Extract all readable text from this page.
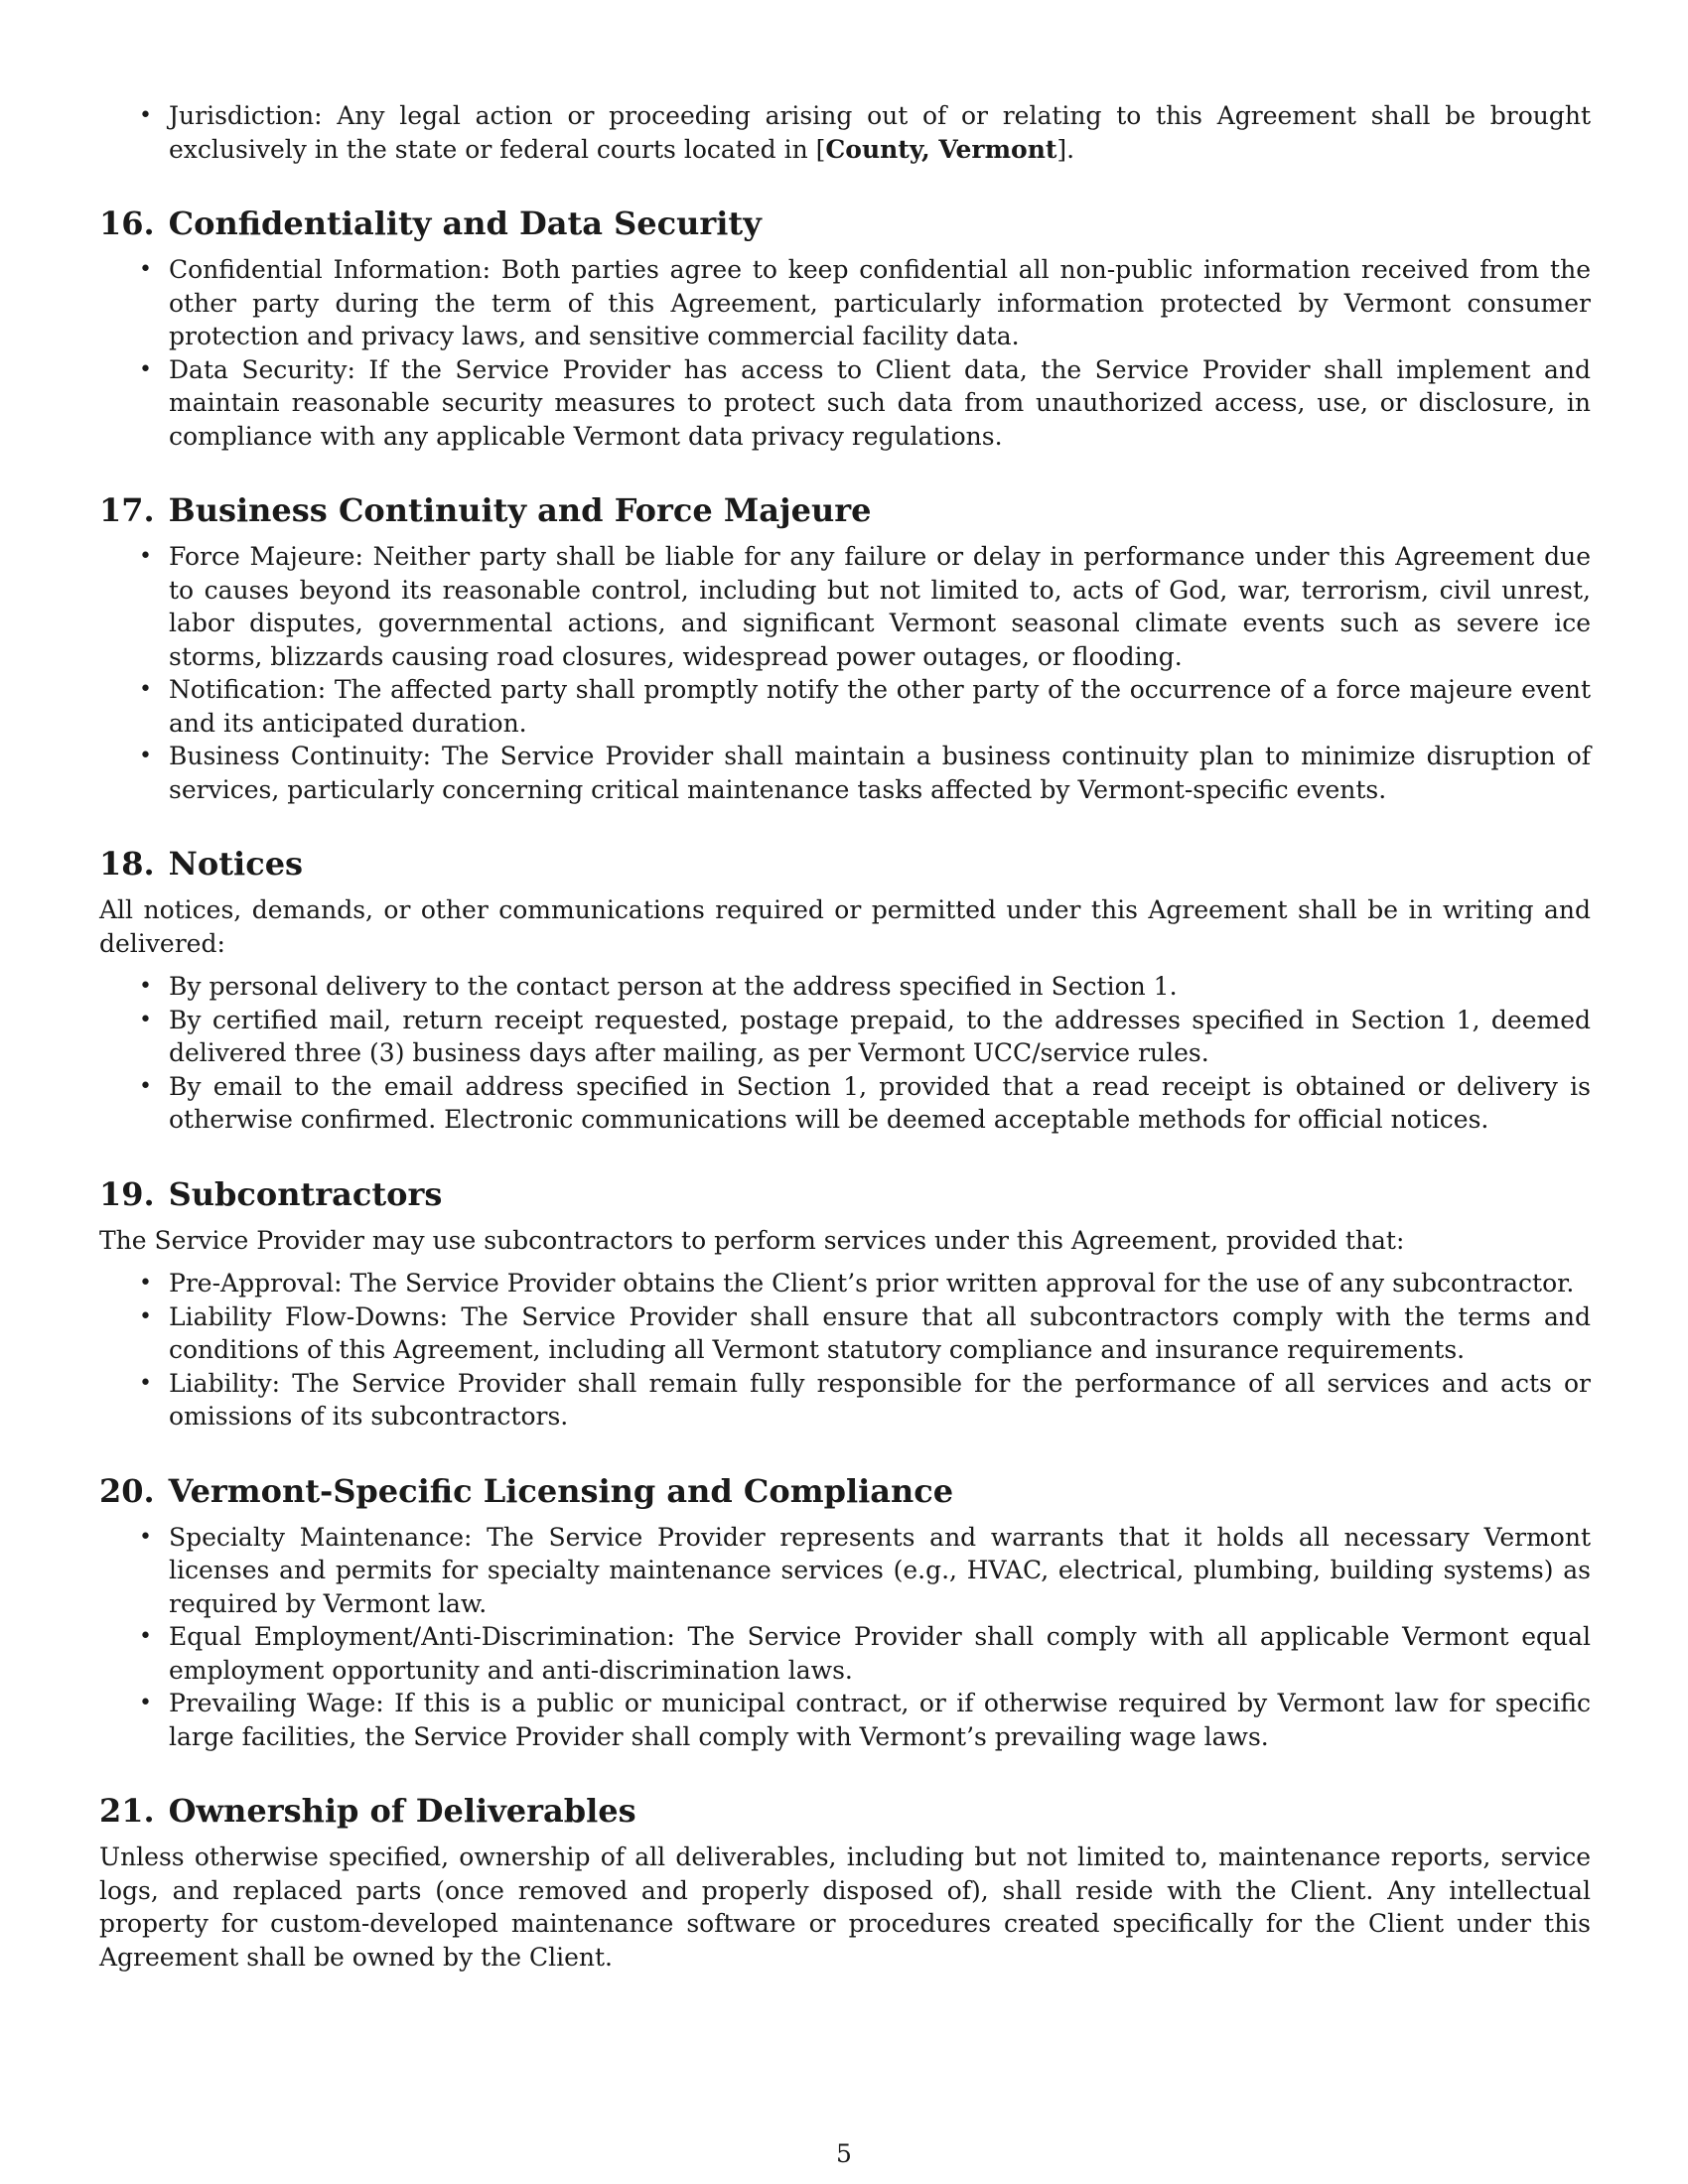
• Jurisdiction: Any legal action or proceeding arising out of or relating to this Agreement shall be brought exclusively in the state or federal courts located in [County, Vermont].
16. Confidentiality and Data Security
• Confidential Information: Both parties agree to keep confidential all non-public information received from the other party during the term of this Agreement, particularly information protected by Vermont consumer protection and privacy laws, and sensitive commercial facility data.
• Data Security: If the Service Provider has access to Client data, the Service Provider shall implement and maintain reasonable security measures to protect such data from unauthorized access, use, or disclosure, in compliance with any applicable Vermont data privacy regulations.
17. Business Continuity and Force Majeure
• Force Majeure: Neither party shall be liable for any failure or delay in performance under this Agreement due to causes beyond its reasonable control, including but not limited to, acts of God, war, terrorism, civil unrest, labor disputes, governmental actions, and significant Vermont seasonal climate events such as severe ice storms, blizzards causing road closures, widespread power outages, or flooding.
• Notification: The affected party shall promptly notify the other party of the occurrence of a force majeure event and its anticipated duration.
• Business Continuity: The Service Provider shall maintain a business continuity plan to minimize disruption of services, particularly concerning critical maintenance tasks affected by Vermont-specific events.
18. Notices

All notices, demands, or other communications required or permitted under this Agreement shall be in writing and delivered:

• By personal delivery to the contact person at the address specified in Section 1.
• By certified mail, return receipt requested, postage prepaid, to the addresses specified in Section 1, deemed delivered three (3) business days after mailing, as per Vermont UCC/service rules.
• By email to the email address specified in Section 1, provided that a read receipt is obtained or delivery is otherwise confirmed. Electronic communications will be deemed acceptable methods for official notices.
19. Subcontractors

The Service Provider may use subcontractors to perform services under this Agreement, provided that:

• Pre-Approval: The Service Provider obtains the Client’s prior written approval for the use of any subcontractor.
• Liability Flow-Downs: The Service Provider shall ensure that all subcontractors comply with the terms and conditions of this Agreement, including all Vermont statutory compliance and insurance requirements.
• Liability: The Service Provider shall remain fully responsible for the performance of all services and acts or omissions of its subcontractors.
20. Vermont-Specific Licensing and Compliance
• Specialty Maintenance: The Service Provider represents and warrants that it holds all necessary Vermont licenses and permits for specialty maintenance services (e.g., HVAC, electrical, plumbing, building systems) as required by Vermont law.
• Equal Employment/Anti-Discrimination: The Service Provider shall comply with all applicable Vermont equal employment opportunity and anti-discrimination laws.
• Prevailing Wage: If this is a public or municipal contract, or if otherwise required by Vermont law for specific large facilities, the Service Provider shall comply with Vermont’s prevailing wage laws.
21. Ownership of Deliverables

Unless otherwise specified, ownership of all deliverables, including but not limited to, maintenance reports, service logs, and replaced parts (once removed and properly disposed of), shall reside with the Client. Any intellectual property for custom-developed maintenance software or procedures created specifically for the Client under this Agreement shall be owned by the Client.

5
